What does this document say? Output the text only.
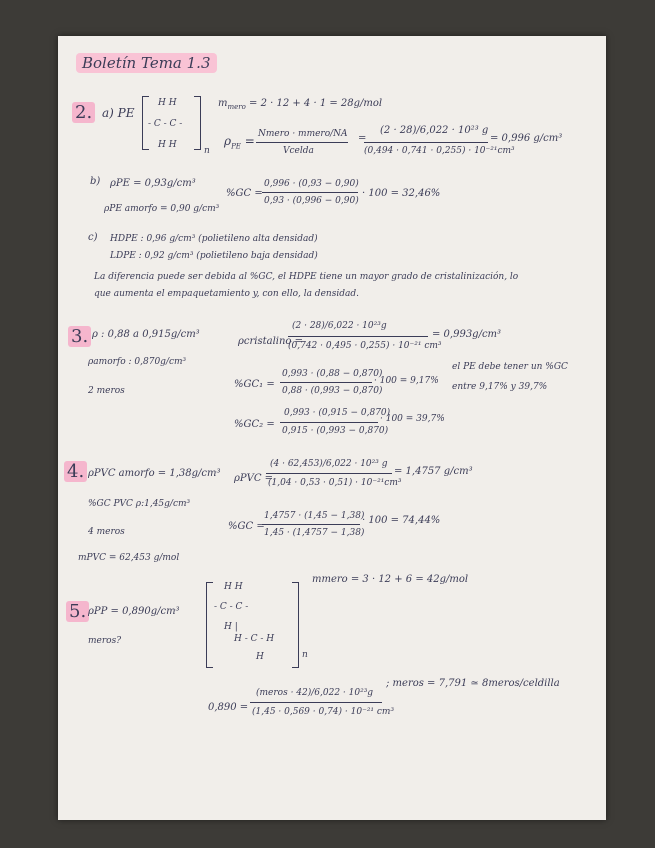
Boletín Tema 1.3
2. a) PE
H H
- C - C -
H H
n
$m_{mero} = 2 \cdot 12 + 4 \cdot 1 = 28g/mol$
$\rho_{PE}$ = Nmero · mmero/NA
Vcelda
=
(2 · 28)/6,022 · 10²³ g
(0,494 · 0,741 · 0,255) · 10⁻²¹cm³
= 0,996 g/cm³
b) ρPE = 0,93g/cm³
ρPE amorfo = 0,90 g/cm³
%GC =
0,996 · (0,93 − 0,90)
0,93 · (0,996 − 0,90)
· 100 = 32,46%
c) HDPE : 0,96 g/cm³ (polietileno alta densidad)
LDPE : 0,92 g/cm³ (polietileno baja densidad)
La diferencia puede ser debida al %GC, el HDPE tiene un mayor grado de cristalinización, lo
que aumenta el empaquetamiento y, con ello, la densidad.
3. ρ : 0,88 a 0,915g/cm³
ρamorfo : 0,870g/cm³
2 meros
ρcristalino =
(2 · 28)/6,022 · 10²³g
(0,742 · 0,495 · 0,255) · 10⁻²¹ cm³
= 0,993g/cm³
%GC₁ =
0,993 · (0,88 − 0,870)
0,88 · (0,993 − 0,870)
· 100 = 9,17%
%GC₂ =
0,993 · (0,915 − 0,870)
0,915 · (0,993 − 0,870)
· 100 = 39,7%
el PE debe tener un %GC
entre 9,17% y 39,7%
4. ρPVC amorfo = 1,38g/cm³
%GC PVC ρ:1,45g/cm³
4 meros
mPVC = 62,453 g/mol
ρPVC =
(4 · 62,453)/6,022 · 10²³ g
(1,04 · 0,53 · 0,51) · 10⁻²¹cm³
= 1,4757 g/cm³
%GC =
1,4757 · (1,45 − 1,38)
1,45 · (1,4757 − 1,38)
· 100 = 74,44%
5. ρPP = 0,890g/cm³
meros?
H H
- C - C -
H |
H - C - H
H	n
mmero = 3 · 12 + 6 = 42g/mol
0,890 =
(meros · 42)/6,022 · 10²³g
(1,45 · 0,569 · 0,74) · 10⁻²¹ cm³
; meros = 7,791 ≃ 8meros/celdilla
